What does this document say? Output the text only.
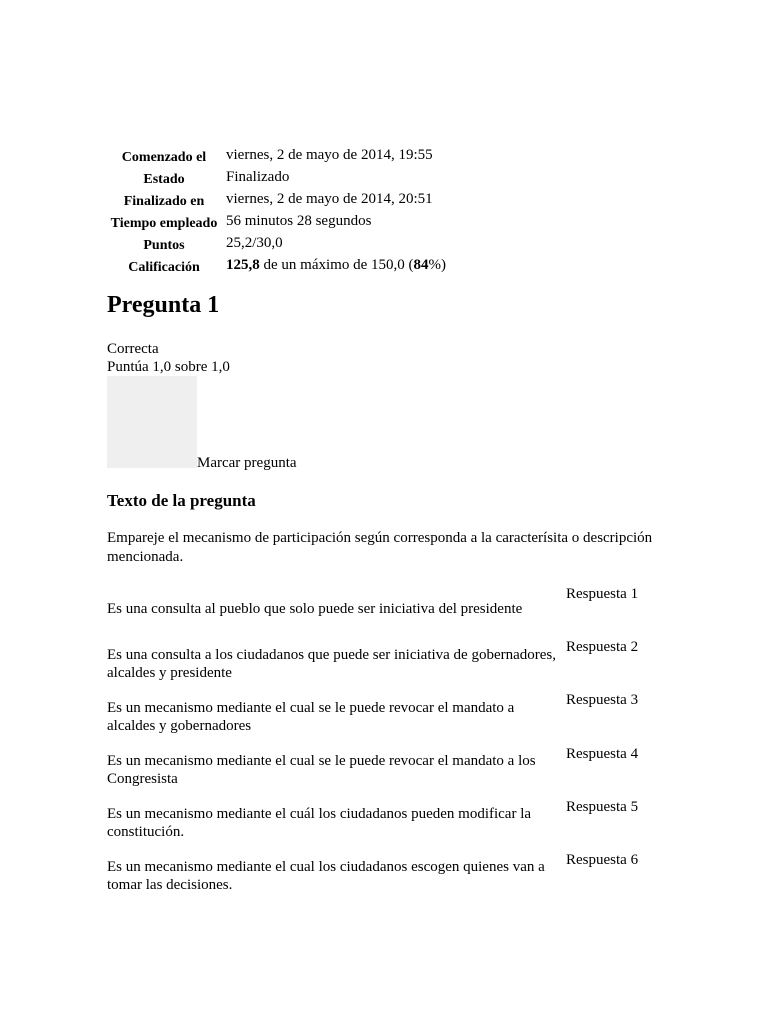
Comenzado el	viernes, 2 de mayo de 2014, 19:55
Estado	Finalizado
Finalizado en	viernes, 2 de mayo de 2014, 20:51
Tiempo empleado 56 minutos 28 segundos
Puntos	25,2/30,0
Calificación	125,8 de un máximo de 150,0 (84%)
Pregunta 1
Correcta
Puntúa 1,0 sobre 1,0
Marcar pregunta
Texto de la pregunta
Empareje el mecanismo de participación según corresponda a la caracterísita o descripción mencionada.
Es una consulta al pueblo que solo puede ser iniciativa del presidente
Respuesta 1
Es una consulta a los ciudadanos que puede ser iniciativa de gobernadores, alcaldes y presidente
Respuesta 2
Es un mecanismo mediante el cual se le puede revocar el mandato a alcaldes y gobernadores
Respuesta 3
Es un mecanismo mediante el cual se le puede revocar el mandato a los Congresista
Respuesta 4
Es un mecanismo mediante el cuál los ciudadanos pueden modificar la constitución.
Respuesta 5
Es un mecanismo mediante el cual los ciudadanos escogen quienes van a tomar las decisiones.
Respuesta 6
